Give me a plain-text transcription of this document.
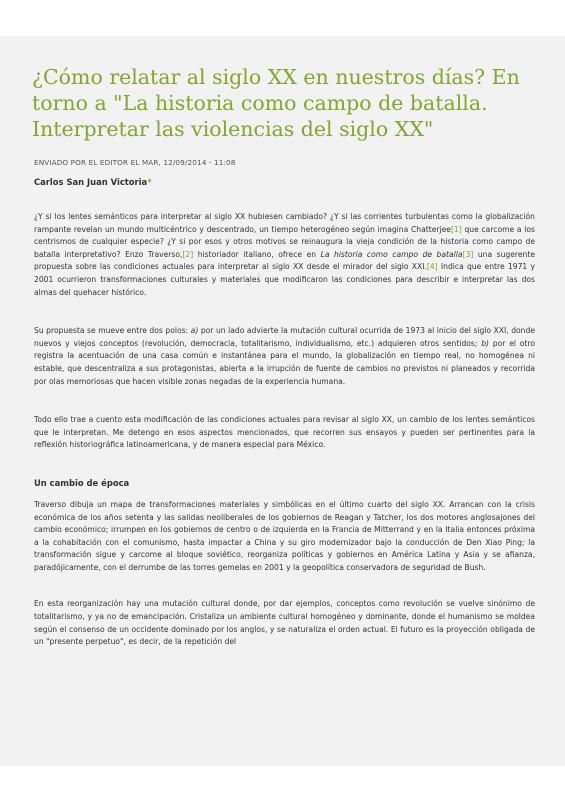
¿Cómo relatar al siglo XX en nuestros días? En torno a "La historia como campo de batalla. Interpretar las violencias del siglo XX"
ENVIADO POR EL EDITOR EL MAR, 12/09/2014 - 11:08
Carlos San Juan Victoria*

¿Y si los lentes semánticos para interpretar al siglo XX hubiesen cambiado? ¿Y si las corrientes turbulentas como la globalización rampante revelan un mundo multicéntrico y descentrado, un tiempo heterogéneo según imagina Chatterjee[1] que carcome a los centrismos de cualquier especie? ¿Y si por esos y otros motivos se reinaugura la vieja condición de la historia como campo de batalla interpretativo? Enzo Traverso,[2] historiador italiano, ofrece en La historia como campo de batalla[3] una sugerente propuesta sobre las condiciones actuales para interpretar al siglo XX desde el mirador del siglo XXI.[4] Indica que entre 1971 y 2001 ocurrieron transformaciones culturales y materiales que modificaron las condiciones para describir e interpretar las dos almas del quehacer histórico.

Su propuesta se mueve entre dos polos: a) por un lado advierte la mutación cultural ocurrida de 1973 al inicio del siglo XXI, donde nuevos y viejos conceptos (revolución, democracia, totalitarismo, individualismo, etc.) adquieren otros sentidos; b) por el otro registra la acentuación de una casa común e instantánea para el mundo, la globalización en tiempo real, no homogénea ni estable, que descentraliza a sus protagonistas, abierta a la irrupción de fuente de cambios no previstos ni planeados y recorrida por olas memoriosas que hacen visible zonas negadas de la experiencia humana.

Todo ello trae a cuento esta modificación de las condiciones actuales para revisar al siglo XX, un cambio de los lentes semánticos que le interpretan. Me detengo en esos aspectos mencionados, que recorren sus ensayos y pueden ser pertinentes para la reflexión historiográfica latinoamericana, y de manera especial para México.

Un cambio de época

Traverso dibuja un mapa de transformaciones materiales y simbólicas en el último cuarto del siglo XX. Arrancan con la crisis económica de los años setenta y las salidas neoliberales de los gobiernos de Reagan y Tatcher, los dos motores anglosajones del cambio económico; irrumpen en los gobiernos de centro o de izquierda en la Francia de Mitterrand y en la Italia entonces próxima a la cohabitación con el comunismo, hasta impactar a China y su giro modernizador bajo la conducción de Den Xiao Ping; la transformación sigue y carcome al bloque soviético, reorganiza políticas y gobiernos en América Latina y Asia y se afianza, paradójicamente, con el derrumbe de las torres gemelas en 2001 y la geopolítica conservadora de seguridad de Bush.

En esta reorganización hay una mutación cultural donde, por dar ejemplos, conceptos como revolución se vuelve sinónimo de totalitarismo, y ya no de emancipación. Cristaliza un ambiente cultural homogéneo y dominante, donde el humanismo se moldea según el consenso de un occidente dominado por los anglos, y se naturaliza el orden actual. El futuro es la proyección obligada de un "presente perpetuo", es decir, de la repetición del
